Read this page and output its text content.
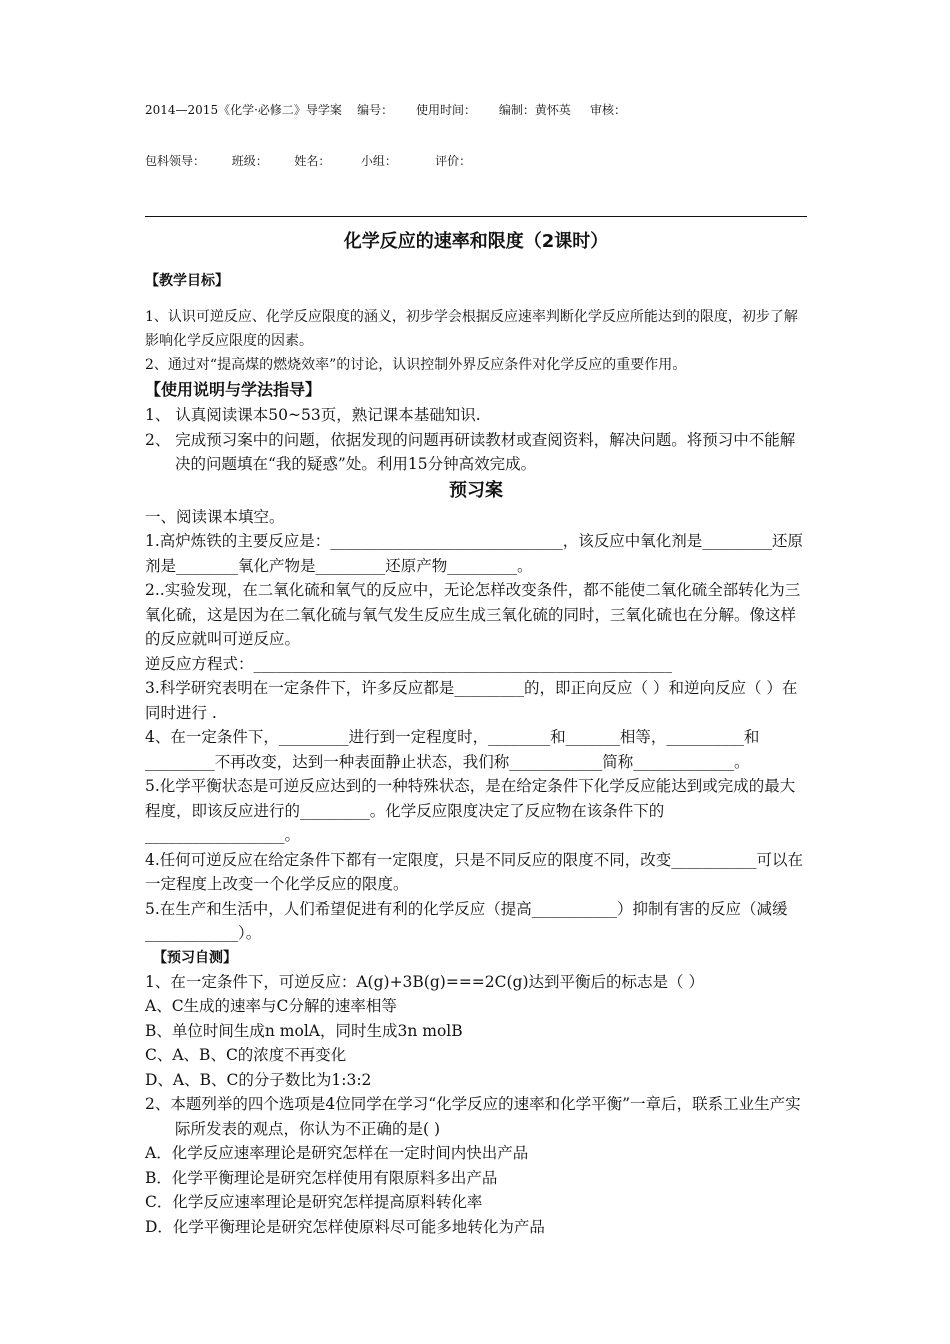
2014—2015《化学·必修二》导学案    编号：      使用时间：      编制：黄怀英     审核：

包科领导：       班级：       姓名：        小组：          评价：

化学反应的速率和限度（2课时）
【教学目标】

1、认识可逆反应、化学反应限度的涵义，初步学会根据反应速率判断化学反应所能达到的限度，初步了解影响化学反应限度的因素。

2、通过对“提高煤的燃烧效率”的讨论，认识控制外界反应条件对化学反应的重要作用。

【使用说明与学法指导】

1、 认真阅读课本50~53页，熟记课本基础知识.

2、 完成预习案中的问题，依据发现的问题再研读教材或查阅资料，解决问题。将预习中不能解决的问题填在“我的疑惑”处。利用15分钟高效完成。

预习案

一、阅读课本填空。

1.高炉炼铁的主要反应是：______________________________，该反应中氧化剂是_________还原剂是________氧化产物是_________还原产物_________。

2..实验发现，在二氧化硫和氧气的反应中，无论怎样改变条件，都不能使二氧化硫全部转化为三氧化硫，这是因为在二氧化硫与氧气发生反应生成三氧化硫的同时，三氧化硫也在分解。像这样的反应就叫可逆反应。

逆反应方程式：______________________________________________________

3.科学研究表明在一定条件下，许多反应都是_________的，即正向反应（ ）和逆向反应（ ）在同时进行 .

4、在一定条件下，_________进行到一定程度时，________和_______相等，__________和_________不再改变，达到一种表面静止状态，我们称____________简称_____________。

5.化学平衡状态是可逆反应达到的一种特殊状态，是在给定条件下化学反应能达到或完成的最大程度，即该反应进行的_________。化学反应限度决定了反应物在该条件下的__________________。

4.任何可逆反应在给定条件下都有一定限度，只是不同反应的限度不同，改变___________可以在一定程度上改变一个化学反应的限度。

5.在生产和生活中，人们希望促进有利的化学反应（提高___________）抑制有害的反应（减缓____________）。

【预习自测】

1、在一定条件下，可逆反应：A(g)+3B(g)===2C(g)达到平衡后的标志是（ ）

A、C生成的速率与C分解的速率相等

B、单位时间生成n molA，同时生成3n molB

C、A、B、C的浓度不再变化

D、A、B、C的分子数比为1:3:2

2、本题列举的四个选项是4位同学在学习“化学反应的速率和化学平衡”一章后，联系工业生产实际所发表的观点，你认为不正确的是( )

A．化学反应速率理论是研究怎样在一定时间内快出产品

B．化学平衡理论是研究怎样使用有限原料多出产品

C．化学反应速率理论是研究怎样提高原料转化率

D．化学平衡理论是研究怎样使原料尽可能多地转化为产品
